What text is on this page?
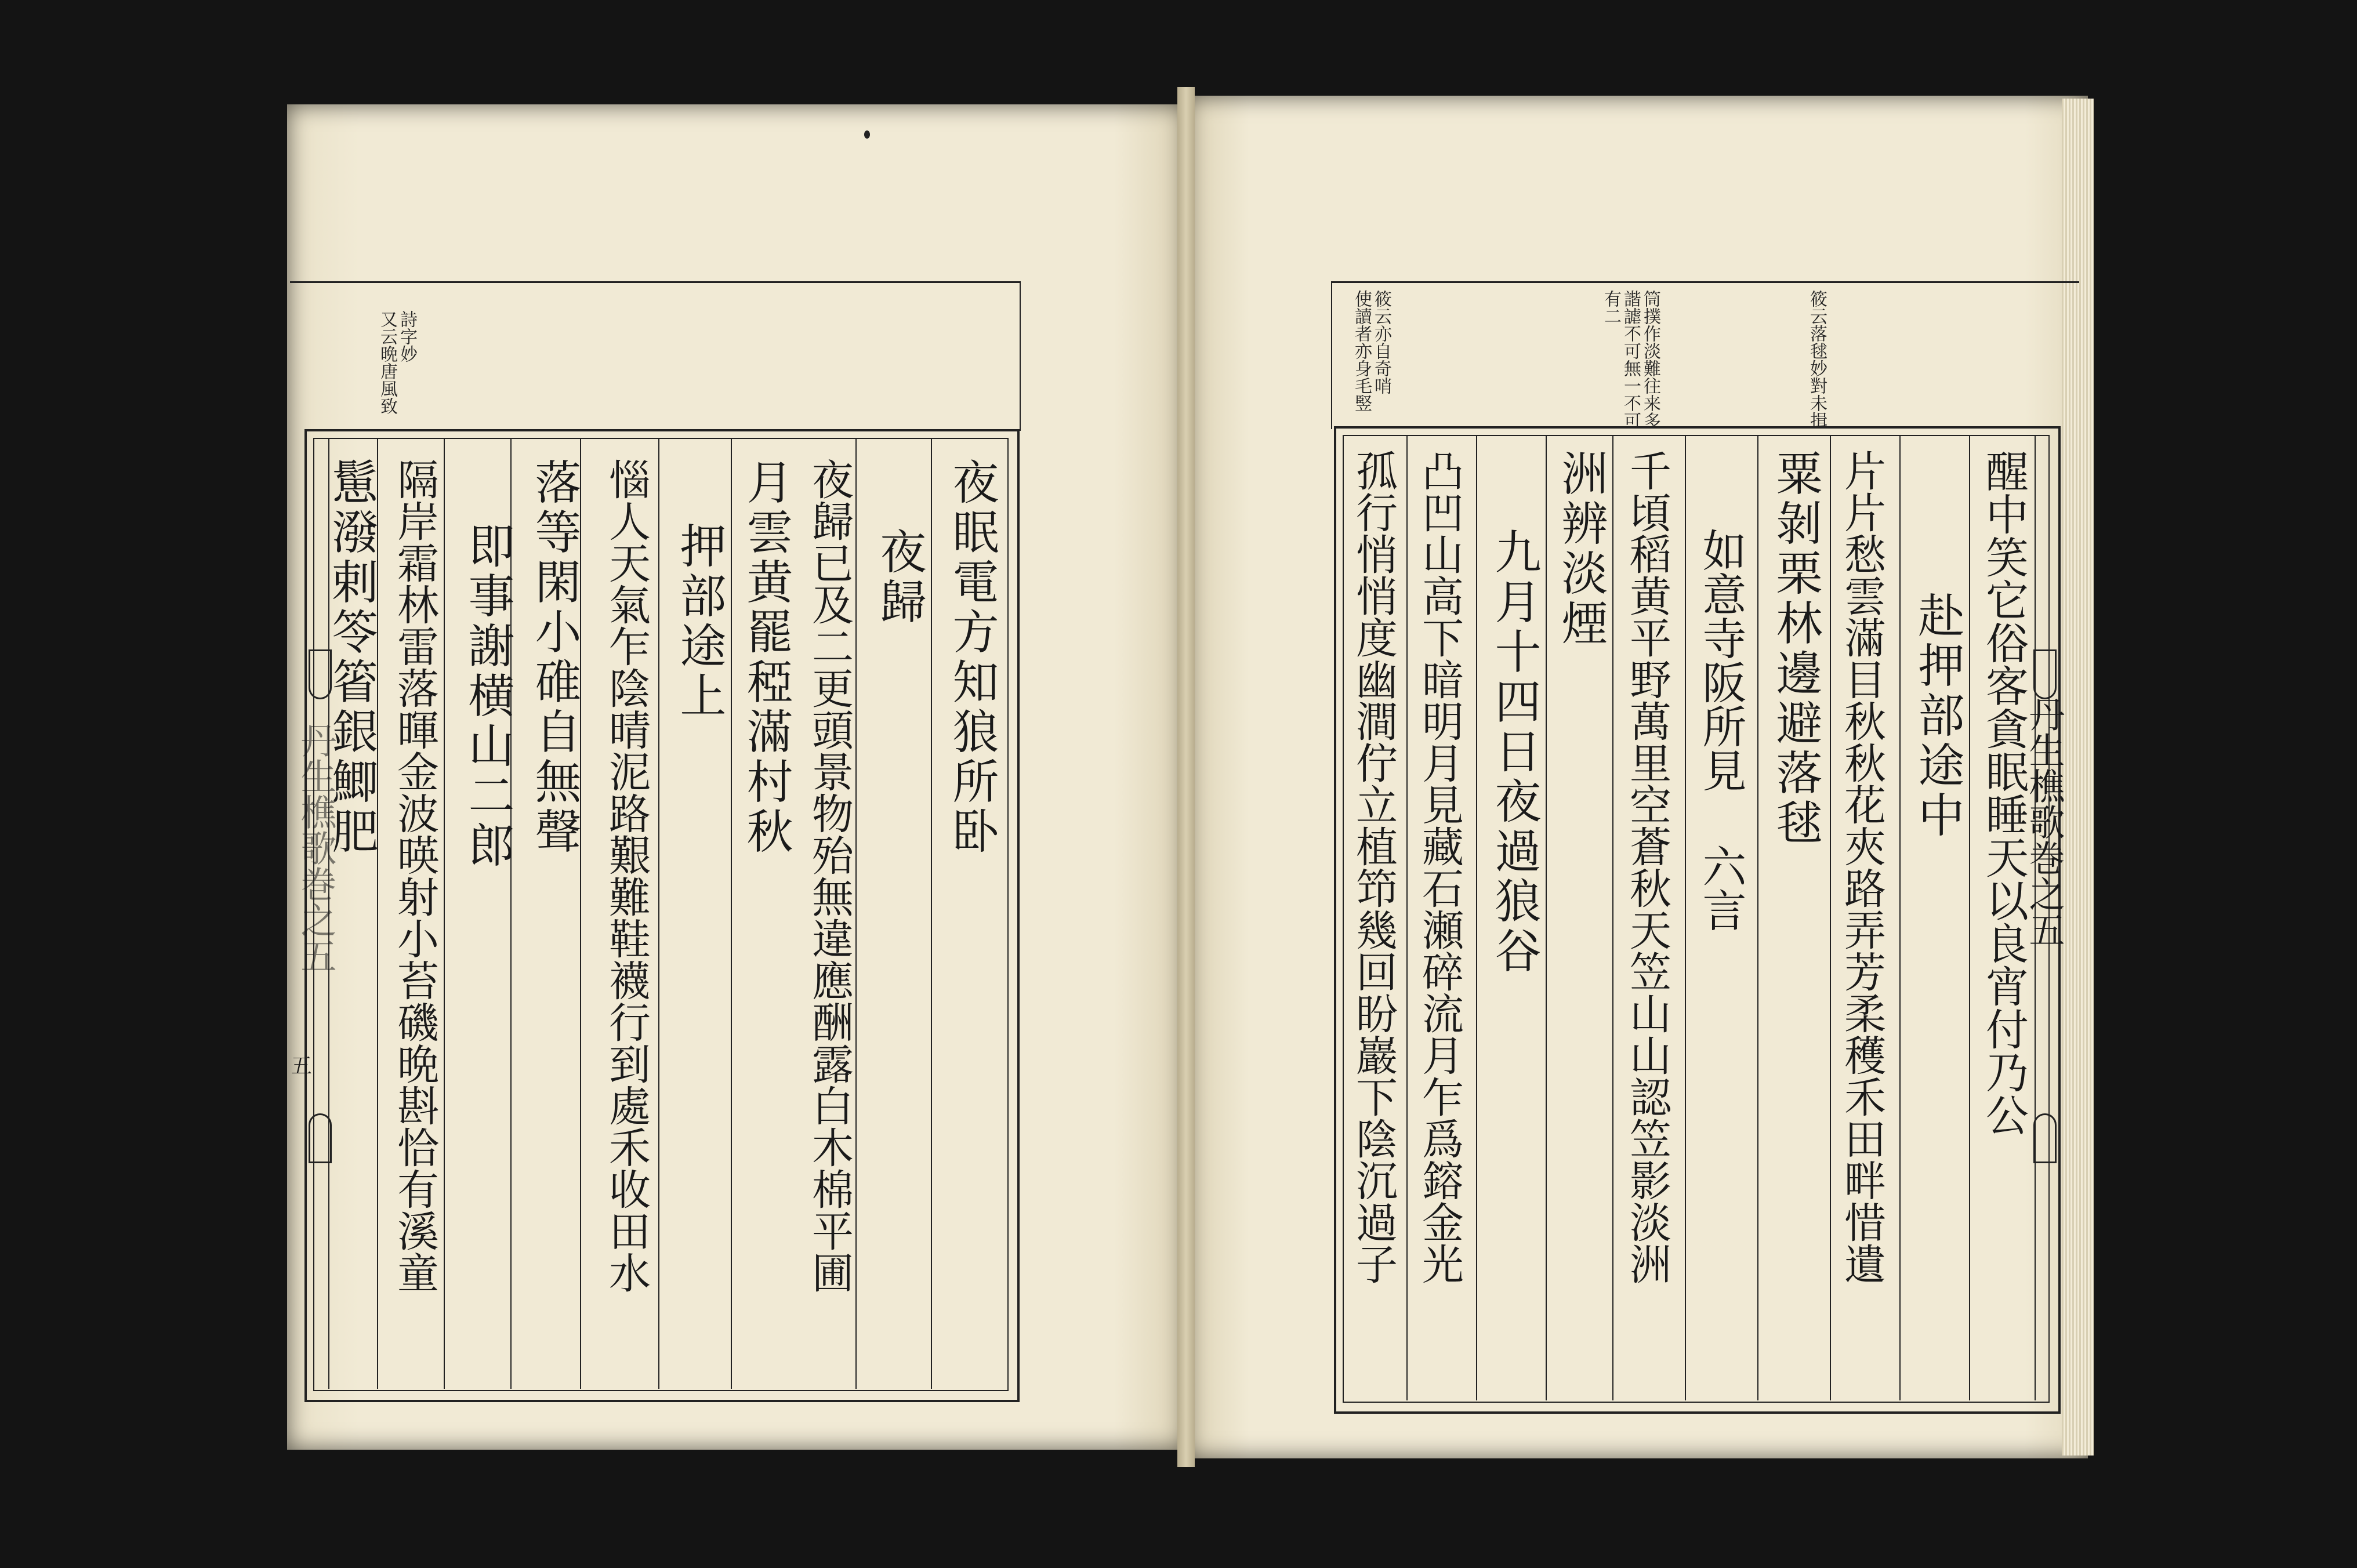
詩字妙
又云晩唐風致
丹生樵歌巻之五
五
夜眠電方知狼所卧
夜歸
夜歸已及二更頭景物殆無違應酬露白木棉平圃
月雲黄罷稏滿村秋
押部途上
惱人天氣乍陰晴泥路艱難鞋襪行到處禾收田水
落等閑小碓自無聲
即事謝横山二郎
隔岸霜林雷落暉金波暎射小苔磯晩斟恰有溪童
䰄潑剌笭箵銀鯽肥
筱云落毬妙對未揖
筒撲作淡難往来多
諧謔不可無一不可
有二
筱云亦自奇哨
使讀者亦身毛竪
丹生樵歌巻之五
醒中笑它俗客貪眠睡天以良宵付乃公
赴押部途中
片片愁雲滿目秋秋花夾路弄芳柔穫禾田畔惜遺
粟剝栗林邊避落毬
如意寺阪所見 六言
千頃稻黄平野萬里空蒼秋天笠山山認笠影淡洲
洲辨淡煙
九月十四日夜過狼谷
凸凹山高下暗明月見藏石瀬碎流月乍爲鎔金光
孤行悄悄度幽澗佇立植笻幾回盼巖下陰沉過子
